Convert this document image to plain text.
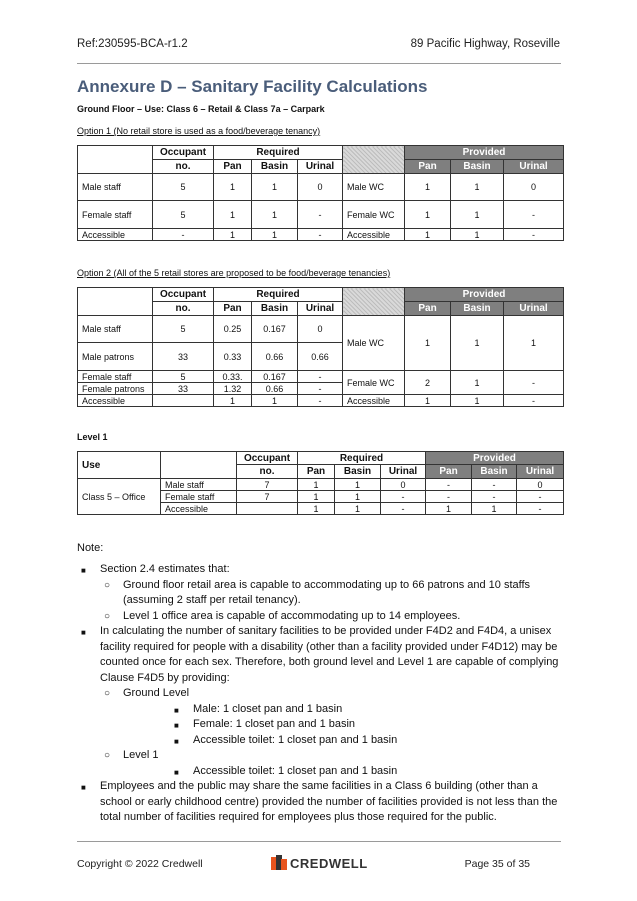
Ref:230595-BCA-r1.2	89 Pacific Highway, Roseville
Annexure D – Sanitary Facility Calculations
Ground Floor – Use: Class 6 – Retail & Class 7a – Carpark
Option 1 (No retail store is used as a food/beverage tenancy)
	Occupant	Required				Provided		
	no.	Pan	Basin	Urinal		Pan	Basin	Urinal
Male staff	5	1	1	0	Male WC	1	1	0
Female staff	5	1	1	-	Female WC	1	1	-
Accessible	-	1	1	-	Accessible	1	1	-
Option 2 (All of the 5 retail stores are proposed to be food/beverage tenancies)
	Occupant	Required				Provided		
	no.	Pan	Basin	Urinal		Pan	Basin	Urinal
Male staff	5	0.25	0.167	0	Male WC	1	1	1
Male patrons	33	0.33	0.66	0.66				
Female staff	5	0.33.	0.167	-	Female WC	2	1	-
Female patrons	33	1.32	0.66	-				
Accessible		1	1	-	Accessible	1	1	-
Level 1
Use		Occupant	Required			Provided		
		no.	Pan	Basin	Urinal	Pan	Basin	Urinal
Class 5 – Office	Male staff	7	1	1	0	-	-	0
	Female staff	7	1	1	-	-	-	-
	Accessible		1	1	-	1	1	-
Note:
■ Section 2.4 estimates that:
○ Ground floor retail area is capable to accommodating up to 66 patrons and 10 staffs (assuming 2 staff per retail tenancy).
○ Level 1 office area is capable of accommodating up to 14 employees.
■ In calculating the number of sanitary facilities to be provided under F4D2 and F4D4, a unisex facility required for people with a disability (other than a facility provided under F4D12) may be counted once for each sex. Therefore, both ground level and Level 1 are capable of complying Clause F4D5 by providing:
○ Ground Level
■ Male: 1 closet pan and 1 basin
■ Female: 1 closet pan and 1 basin
■ Accessible toilet: 1 closet pan and 1 basin
○ Level 1
■ Accessible toilet: 1 closet pan and 1 basin
■ Employees and the public may share the same facilities in a Class 6 building (other than a school or early childhood centre) provided the number of facilities provided is not less than the total number of facilities required for employees plus those required for the public.
Copyright © 2022 Credwell	CREDWELL	Page 35 of 35
